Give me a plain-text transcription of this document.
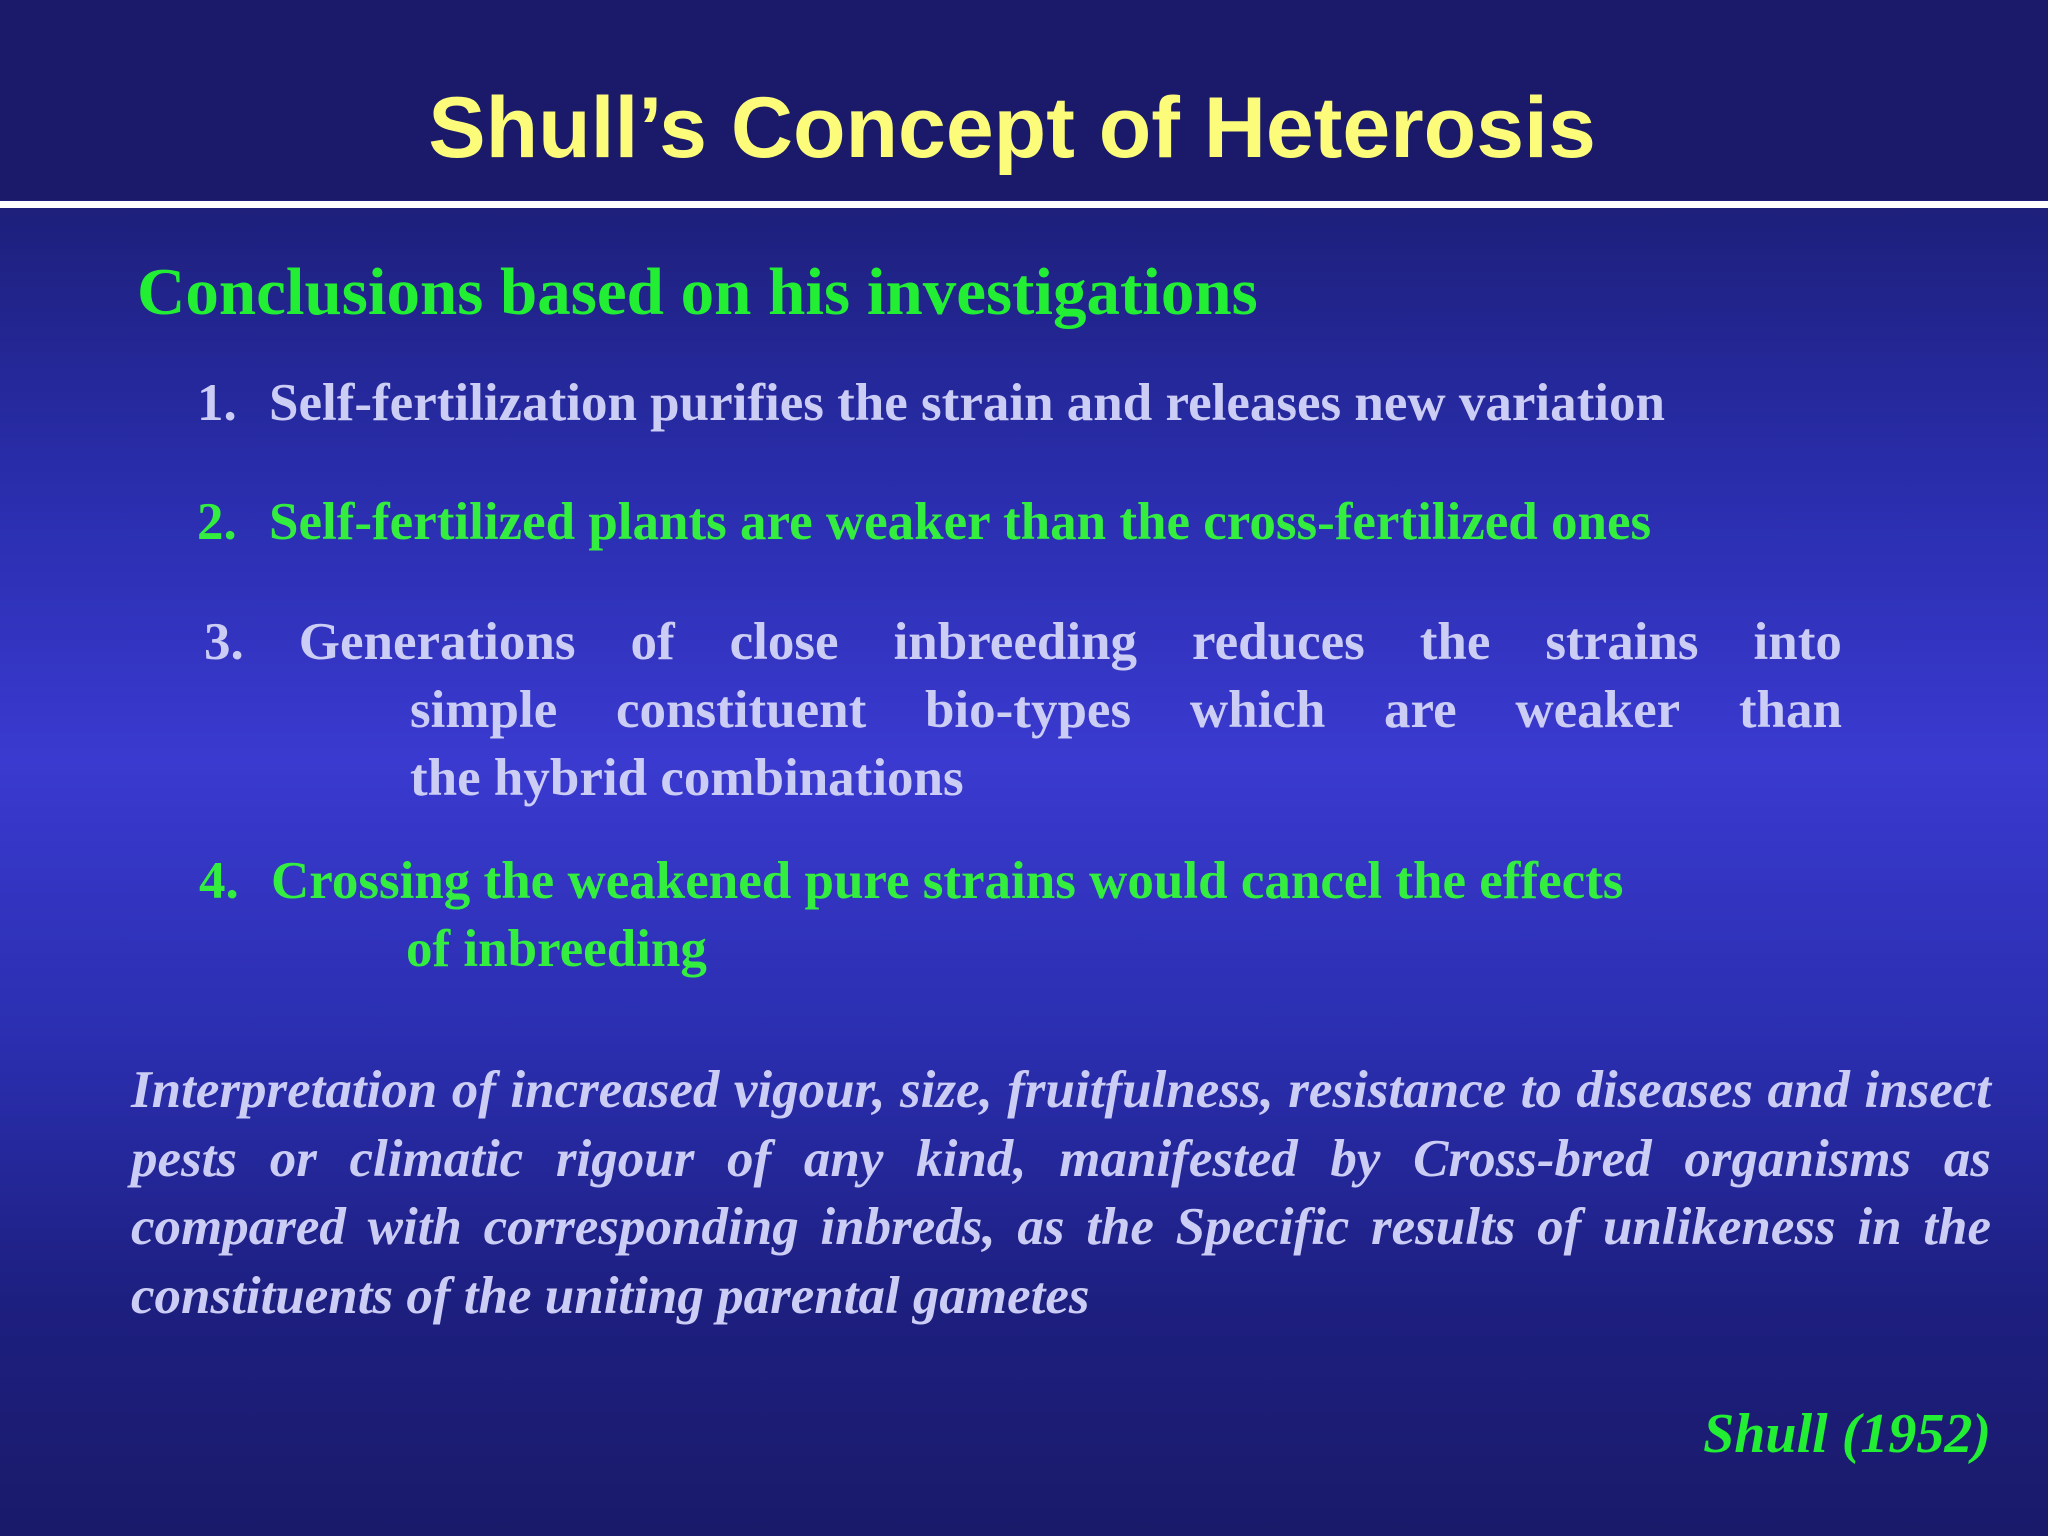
Shull’s Concept of Heterosis
Conclusions based on his investigations
1. Self-fertilization purifies the strain and releases new variation
2. Self-fertilized plants are weaker than the cross-fertilized ones
3. Generations of close inbreeding reduces the strains into
simple constituent bio-types which are weaker than
the hybrid combinations
4. Crossing the weakened pure strains would cancel the effects
of inbreeding

Interpretation of increased vigour, size, fruitfulness, resistance to diseases and insect pests or climatic rigour of any kind, manifested by Cross-bred organisms as compared with corresponding inbreds, as the Specific results of unlikeness in the constituents of the uniting parental gametes

Shull (1952)
